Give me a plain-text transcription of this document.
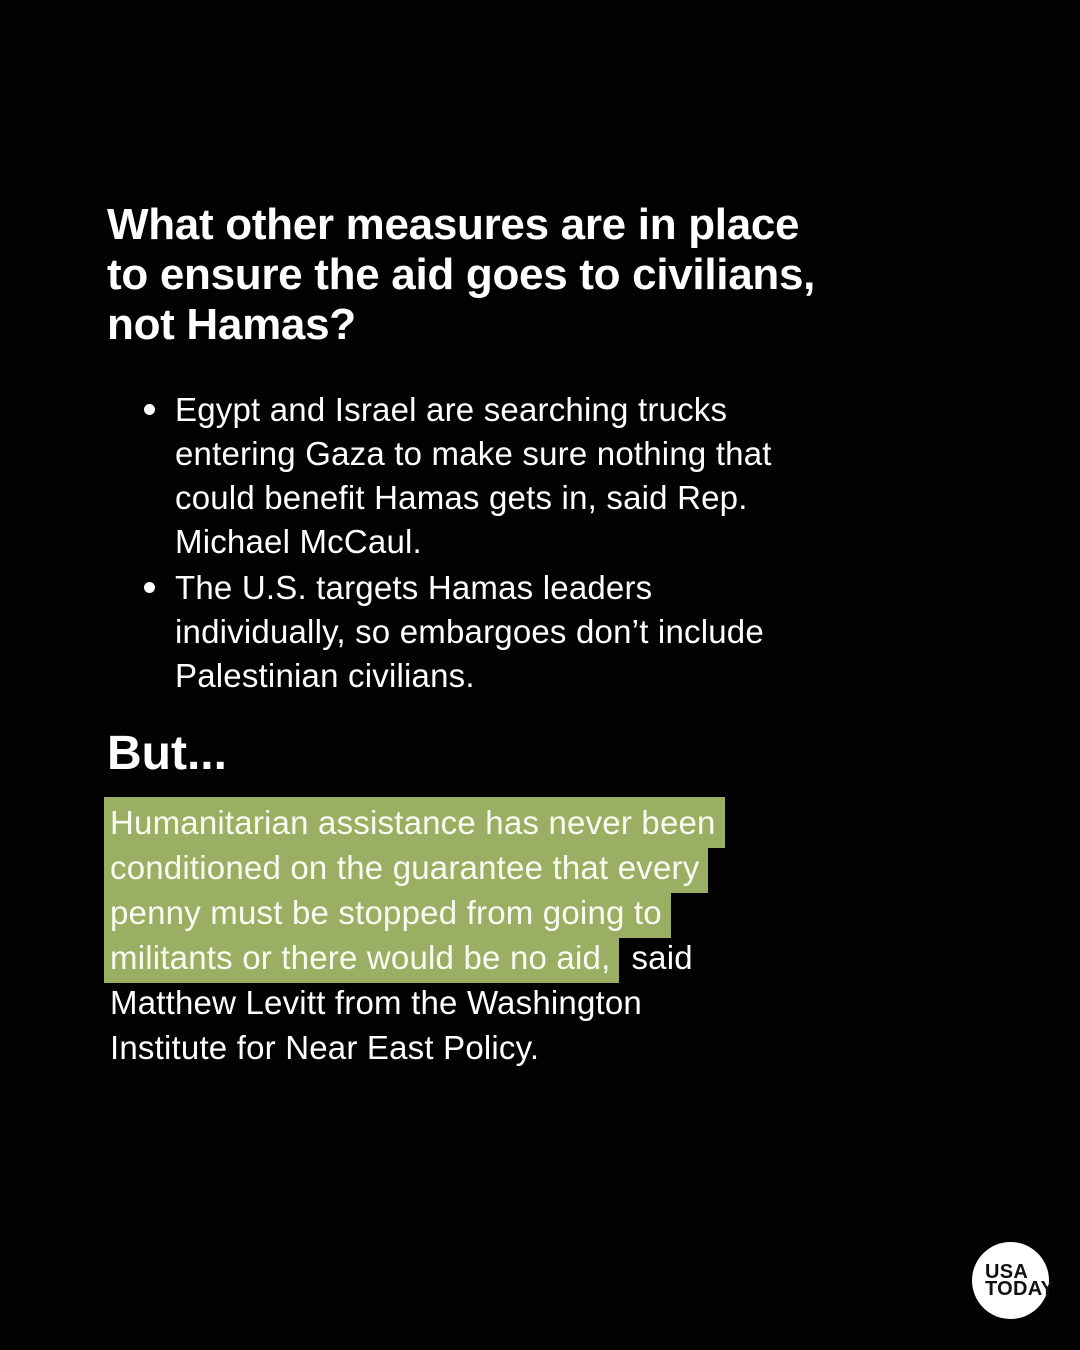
What other measures are in place
to ensure the aid goes to civilians,
not Hamas?
Egypt and Israel are searching trucks
entering Gaza to make sure nothing that
could benefit Hamas gets in, said Rep.
Michael McCaul.
The U.S. targets Hamas leaders
individually, so embargoes don’t include
Palestinian civilians.
But...
Humanitarian assistance has never been
conditioned on the guarantee that every
penny must be stopped from going to
militants or there would be no aid, said
Matthew Levitt from the Washington
Institute for Near East Policy.
USA
TODAY
